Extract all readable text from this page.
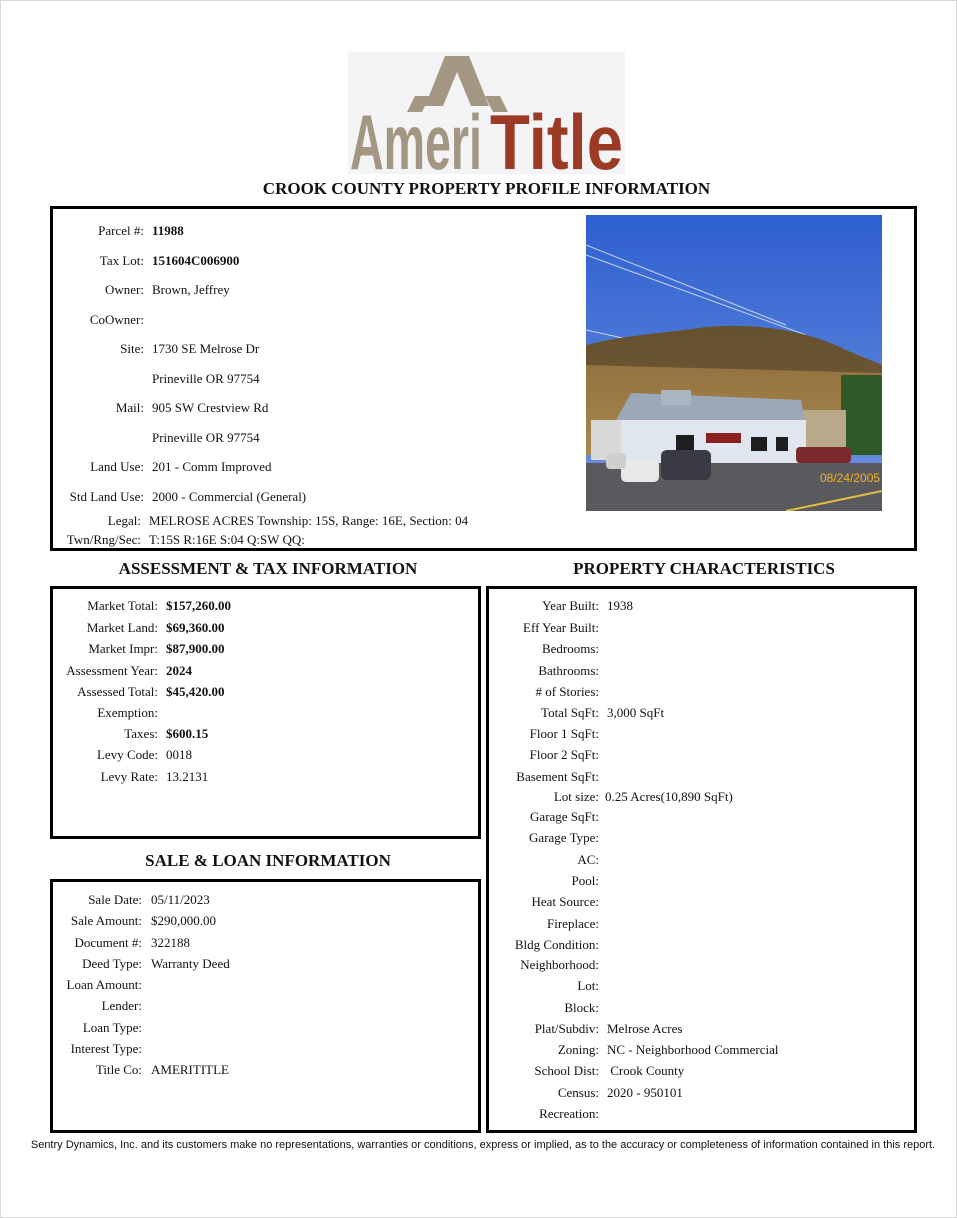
Ameri Title
CROOK COUNTY PROPERTY PROFILE INFORMATION
Parcel #: 11988
Tax Lot: 151604C006900
Owner: Brown, Jeffrey
CoOwner:
Site: 1730 SE Melrose Dr
Prineville OR 97754
Mail: 905 SW Crestview Rd
Prineville OR 97754
Land Use: 201 - Comm Improved
Std Land Use: 2000 - Commercial (General)
Legal: MELROSE ACRES Township: 15S, Range: 16E, Section: 04
Twn/Rng/Sec: T:15S R:16E S:04 Q:SW QQ:
08/24/2005
ASSESSMENT & TAX INFORMATION	PROPERTY CHARACTERISTICS
SALE & LOAN INFORMATION
Market Total: $157,260.00
Market Land: $69,360.00
Market Impr: $87,900.00
Assessment Year: 2024
Assessed Total: $45,420.00
Exemption:
Taxes: $600.15
Levy Code: 0018
Levy Rate: 13.2131
Sale Date: 05/11/2023
Sale Amount: $290,000.00
Document #: 322188
Deed Type: Warranty Deed
Loan Amount:
Lender:
Loan Type:
Interest Type:
Title Co: AMERITITLE
Year Built: 1938
Eff Year Built:
Bedrooms:
Bathrooms:
# of Stories:
Total SqFt: 3,000 SqFt
Floor 1 SqFt:
Floor 2 SqFt:
Basement SqFt:
Lot size: 0.25 Acres(10,890 SqFt)
Garage SqFt:
Garage Type:
AC:
Pool:
Heat Source:
Fireplace:
Bldg Condition:
Neighborhood:
Lot:
Block:
Plat/Subdiv: Melrose Acres
Zoning: NC - Neighborhood Commercial
School Dist: Crook County
Census: 2020 - 950101
Recreation:
Sentry Dynamics, Inc. and its customers make no representations, warranties or conditions, express or implied, as to the accuracy or completeness of information contained in this report.
